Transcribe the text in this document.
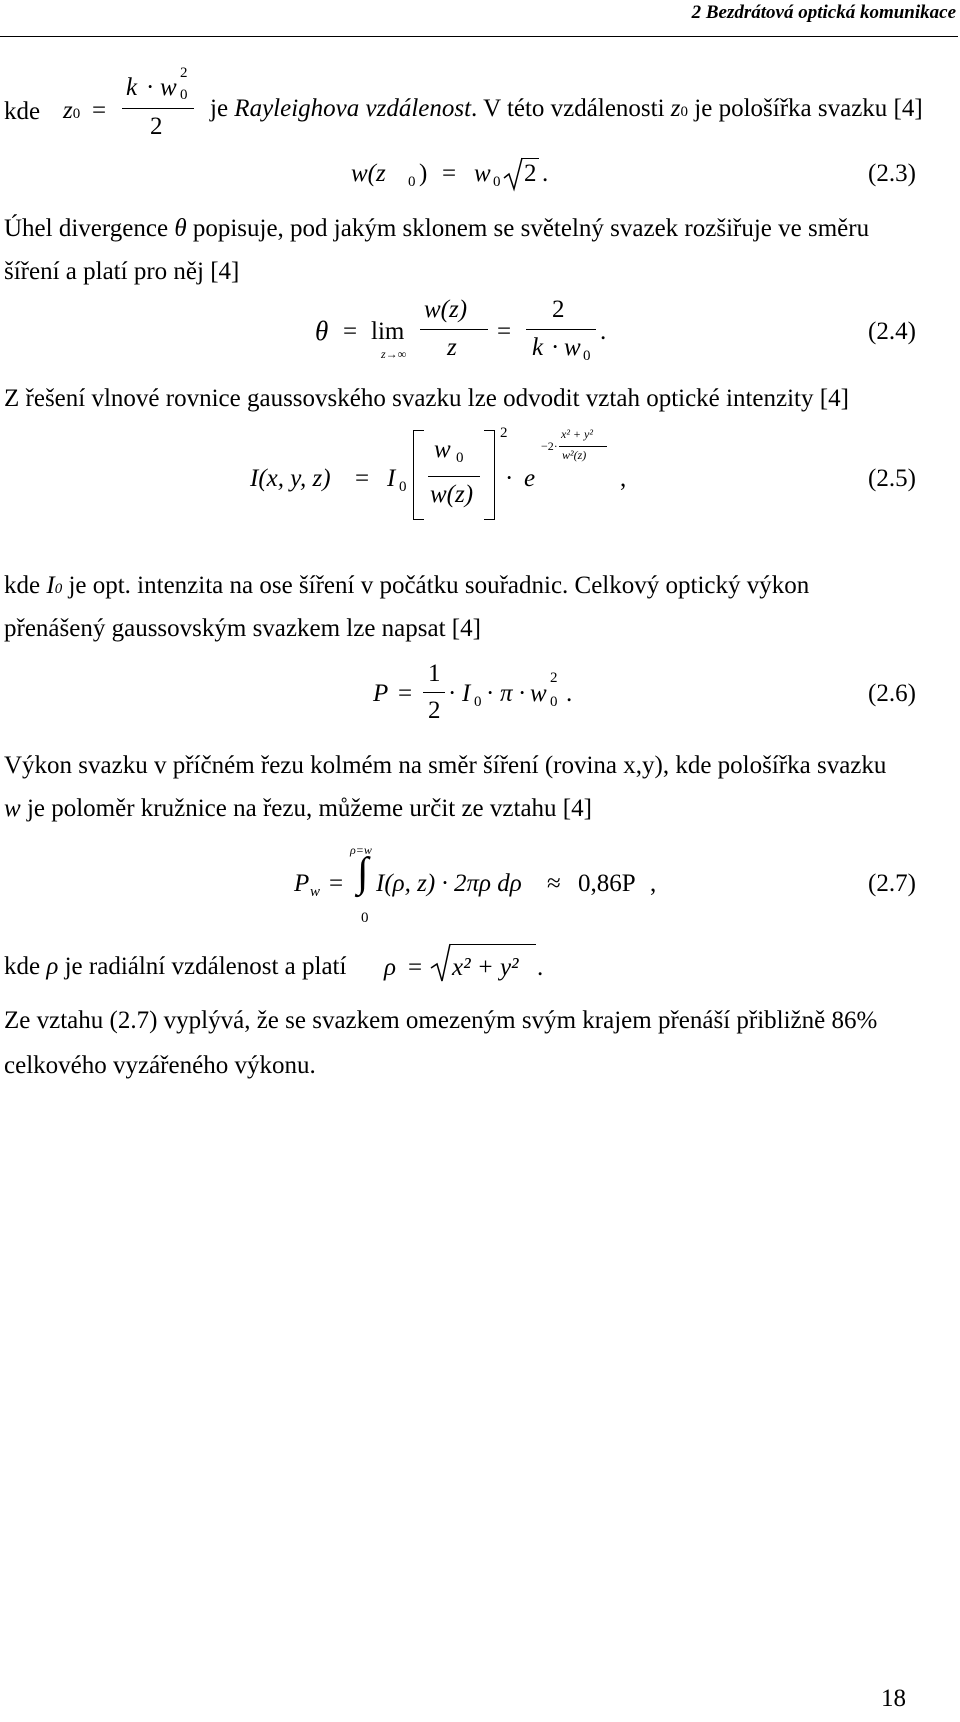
2 Bezdrátová optická komunikace
kde z0 =
k · w
2
0
2
je Rayleighova vzdálenost. V této vzdálenosti z0 je pološířka svazku [4]
w(z 0 ) = w 0 2 .	(2.3)
Úhel divergence θ popisuje, pod jakým sklonem se světelný svazek rozšiřuje ve směru
šíření a platí pro něj [4]
θ = lim
z→∞
w(z)
z
=
2
k · w 0
.	(2.4)
Z řešení vlnové rovnice gaussovského svazku lze odvodit vztah optické intenzity [4]
I(x, y, z) = I 0
w 0
w(z)
2
· e
−2·
x² + y²
w²(z)
,	(2.5)
kde I0 je opt. intenzita na ose šíření v počátku souřadnic. Celkový optický výkon
přenášený gaussovským svazkem lze napsat [4]
P =
1
2
· I 0 · π · w
2
0 .	(2.6)
Výkon svazku v příčném řezu kolmém na směr šíření (rovina x,y), kde pološířka svazku
w je poloměr kružnice na řezu, můžeme určit ze vztahu [4]
P w =
ρ=w
∫
0
I(ρ, z) · 2πρ dρ ≈ 0,86P ,	(2.7)
kde ρ je radiální vzdálenost a platí ρ = x² + y² .
Ze vztahu (2.7) vyplývá, že se svazkem omezeným svým krajem přenáší přibližně 86%
celkového vyzářeného výkonu.
18
